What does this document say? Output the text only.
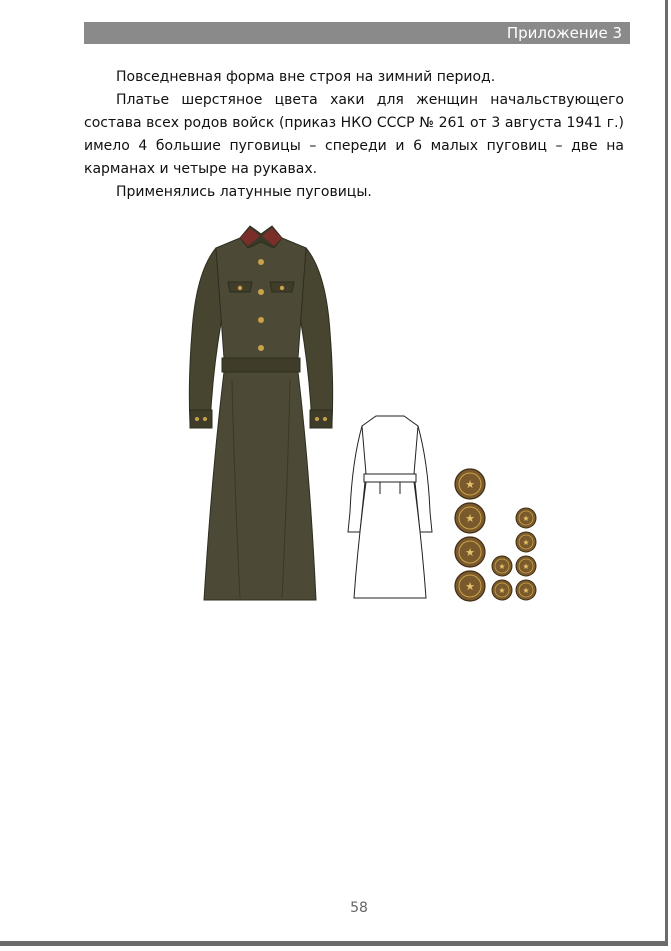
Приложение 3

Повседневная форма вне строя на зимний период.

Платье шерстяное цвета хаки для женщин начальствующего состава всех родов войск (приказ НКО СССР № 261 от 3 августа 1941 г.) имело 4 большие пуговицы – спереди и 6 малых пуговиц – две на карманах и четыре на рукавах.

Применялись латунные пуговицы.

★
★
★
★
★
★
★
★
★
★
58
